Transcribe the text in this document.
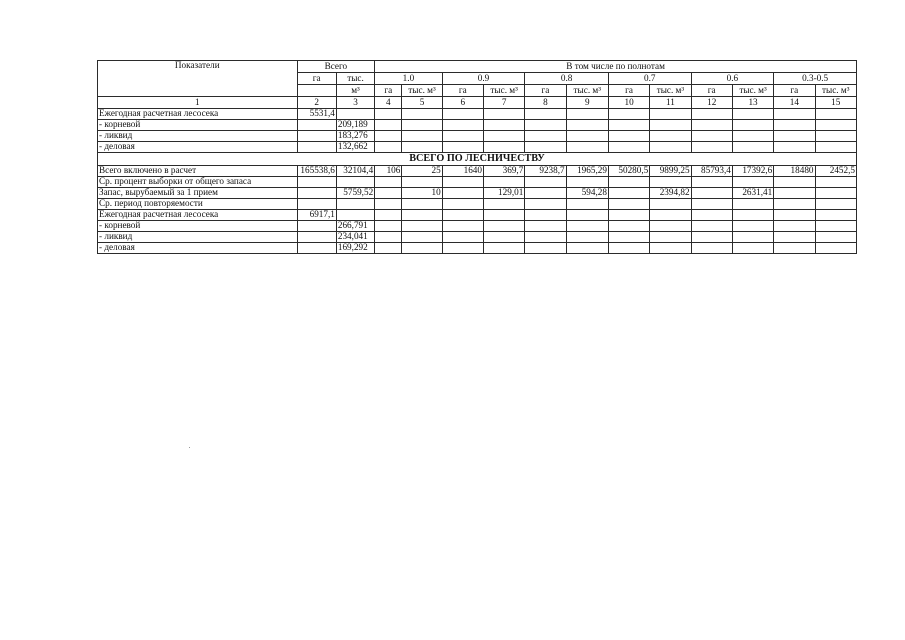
Показатели	Всего		В том числе по полнотам											
	га	тыс.	1.0		0.9		0.8		0.7		0.6		0.3-0.5	
		м³	га	тыс. м³	га	тыс. м³	га	тыс. м³	га	тыс. м³	га	тыс. м³	га	тыс. м³
1	2	3	4	5	6	7	8	9	10	11	12	13	14	15
Ежегодная расчетная лесосека	5531,4													
- корневой		209,189												
- ликвид		183,276												
- деловая		132,662												
ВСЕГО ПО ЛЕСНИЧЕСТВУ														
Всего включено в расчет	165538,6	32104,4	106	25	1640	369,7	9238,7	1965,29	50280,5	9899,25	85793,4	17392,6	18480	2452,5
Ср. процент выборки от общего запаса														
Запас, вырубаемый за 1 прием		5759,52		10		129,01		594,28		2394,82		2631,41		
Ср. период повторяемости														
Ежегодная расчетная лесосека	6917,1													
- корневой		266,791												
- ликвид		234,041												
- деловая		169,292												
